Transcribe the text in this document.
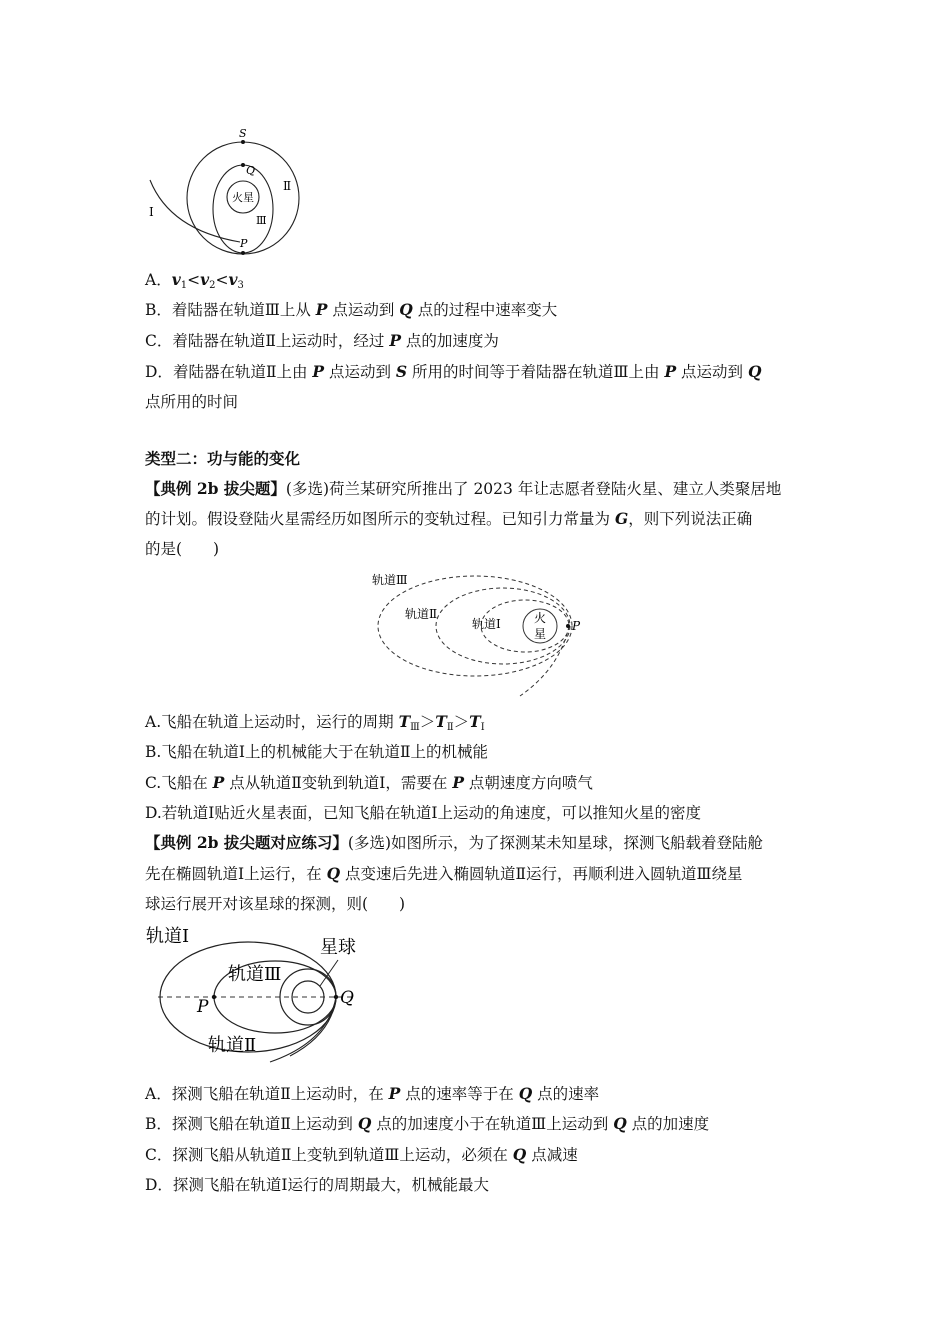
S
Q
P
火星
Ⅰ
Ⅱ
Ⅲ
A．$v_1<v_2<v_3$
B．着陆器在轨道Ⅲ上从 P 点运动到 Q 点的过程中速率变大
C．着陆器在轨道Ⅱ上运动时，经过 P 点的加速度为
D．着陆器在轨道Ⅱ上由 P 点运动到 S 所用的时间等于着陆器在轨道Ⅲ上由 P 点运动到 Q
点所用的时间
类型二：功与能的变化
【典例 2b 拔尖题】(多选)荷兰某研究所推出了 2023 年让志愿者登陆火星、建立人类聚居地
的计划。假设登陆火星需经历如图所示的变轨过程。已知引力常量为 G，则下列说法正确
的是(　　)
轨道Ⅲ
轨道Ⅱ
轨道Ⅰ	火
星
P
A.飞船在轨道上运动时，运行的周期 $T_Ⅲ>T_Ⅱ>T_Ⅰ$
B.飞船在轨道Ⅰ上的机械能大于在轨道Ⅱ上的机械能
C.飞船在 P 点从轨道Ⅱ变轨到轨道Ⅰ，需要在 P 点朝速度方向喷气
D.若轨道Ⅰ贴近火星表面，已知飞船在轨道Ⅰ上运动的角速度，可以推知火星的密度
【典例 2b 拔尖题对应练习】(多选)如图所示，为了探测某未知星球，探测飞船载着登陆舱
先在椭圆轨道Ⅰ上运行，在 Q 点变速后先进入椭圆轨道Ⅱ运行，再顺利进入圆轨道Ⅲ绕星
球运行展开对该星球的探测，则(　　)
轨道Ⅰ
轨道Ⅲ
轨道Ⅱ
星球
P	Q
A．探测飞船在轨道Ⅱ上运动时，在 P 点的速率等于在 Q 点的速率
B．探测飞船在轨道Ⅱ上运动到 Q 点的加速度小于在轨道Ⅲ上运动到 Q 点的加速度
C．探测飞船从轨道Ⅱ上变轨到轨道Ⅲ上运动，必须在 Q 点减速
D．探测飞船在轨道Ⅰ运行的周期最大，机械能最大
